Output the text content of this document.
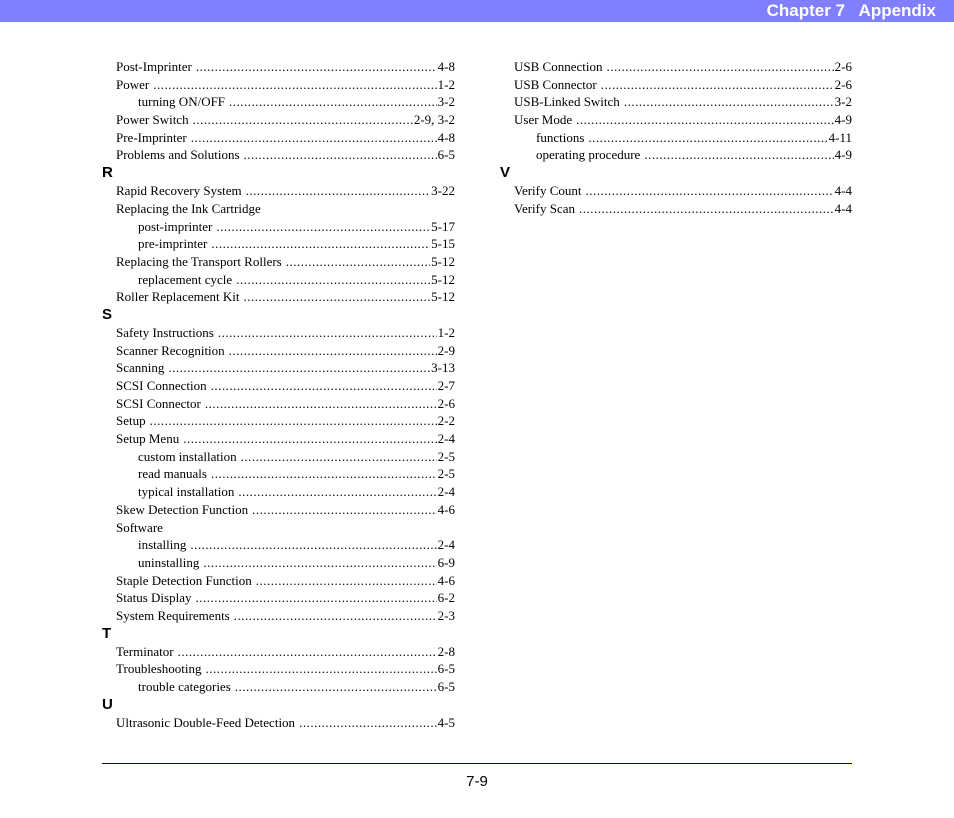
Chapter 7   Appendix
Post-Imprinter .....	4-8
Power .....	1-2
turning ON/OFF .....	3-2
Power Switch .....	2-9, 3-2
Pre-Imprinter .....	4-8
Problems and Solutions .....	6-5
R
Rapid Recovery System .....	3-22
Replacing the Ink Cartridge
post-imprinter .....	5-17
pre-imprinter .....	5-15
Replacing the Transport Rollers .....	5-12
replacement cycle .....	5-12
Roller Replacement Kit .....	5-12
S
Safety Instructions .....	1-2
Scanner Recognition .....	2-9
Scanning .....	3-13
SCSI Connection .....	2-7
SCSI Connector .....	2-6
Setup .....	2-2
Setup Menu .....	2-4
custom installation .....	2-5
read manuals .....	2-5
typical installation .....	2-4
Skew Detection Function .....	4-6
Software
installing .....	2-4
uninstalling .....	6-9
Staple Detection Function .....	4-6
Status Display .....	6-2
System Requirements .....	2-3
T
Terminator .....	2-8
Troubleshooting .....	6-5
trouble categories .....	6-5
U
Ultrasonic Double-Feed Detection .....	4-5
USB Connection .....	2-6
USB Connector .....	2-6
USB-Linked Switch .....	3-2
User Mode .....	4-9
functions .....	4-11
operating procedure .....	4-9
V
Verify Count .....	4-4
Verify Scan .....	4-4
7-9
